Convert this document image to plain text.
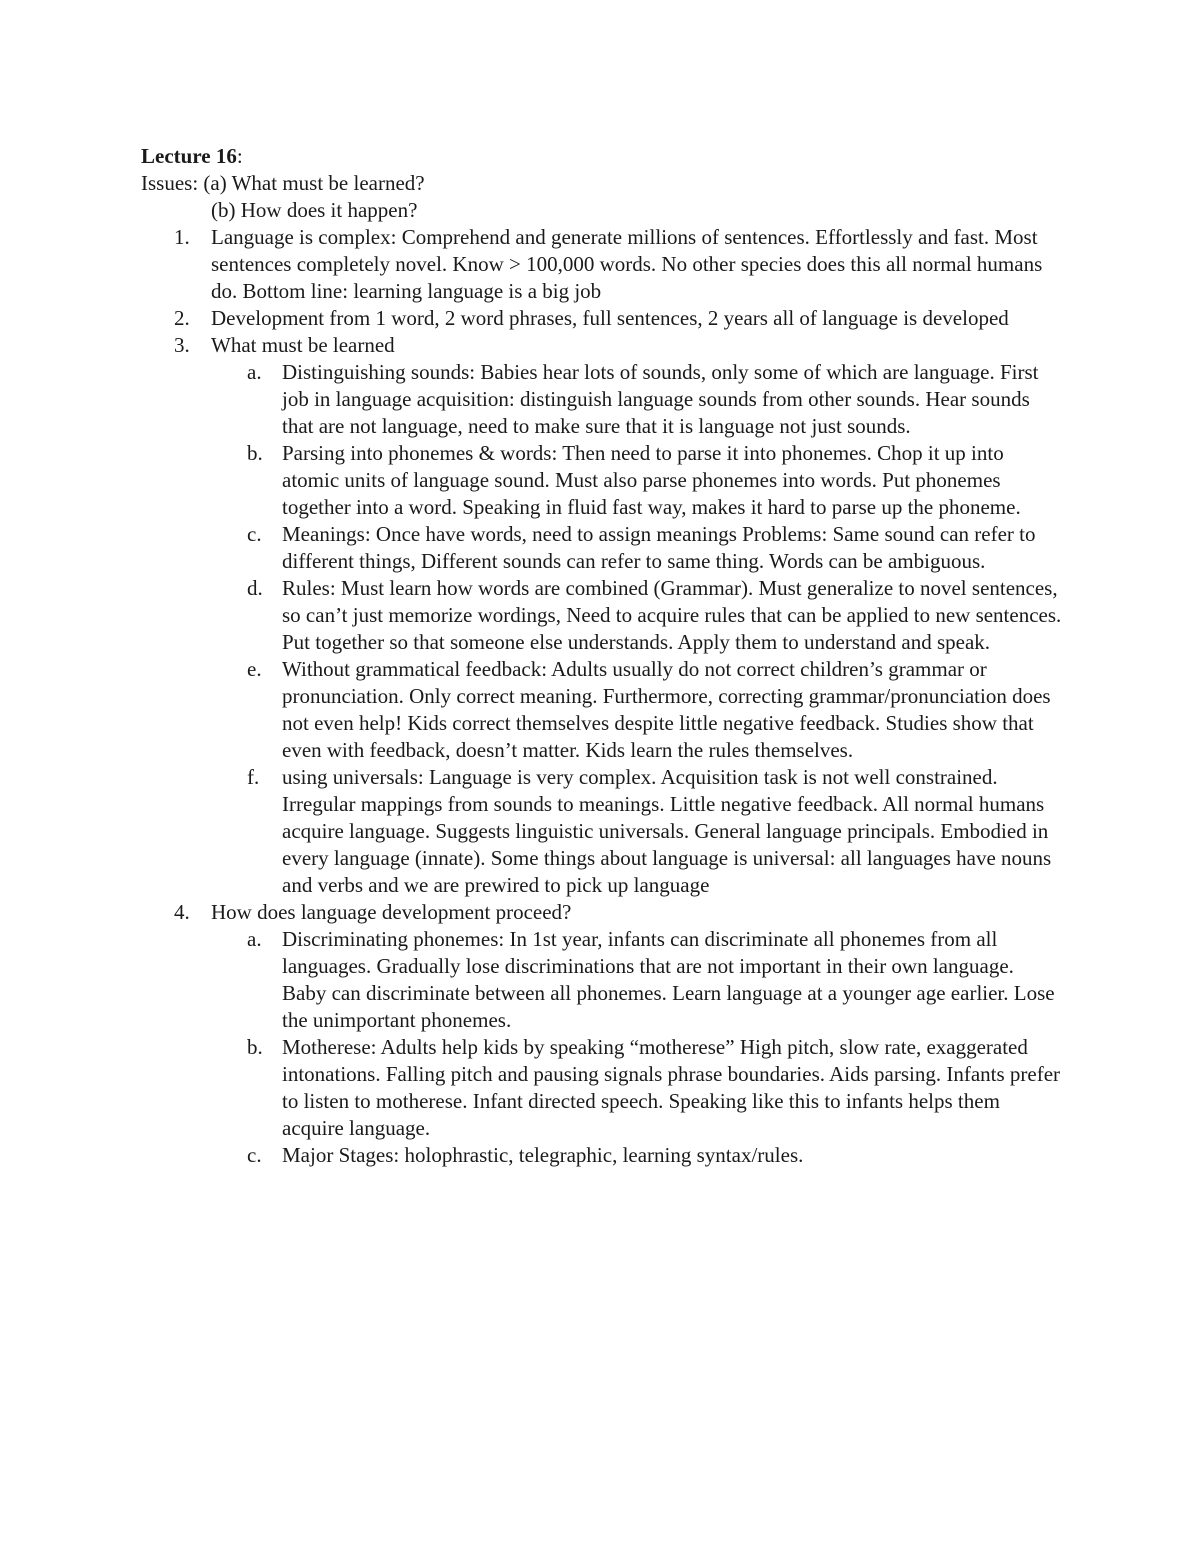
Lecture 16:
Issues: (a) What must be learned?
(b) How does it happen?
1.	Language is complex: Comprehend and generate millions of sentences. Effortlessly and fast. Most sentences completely novel. Know > 100,000 words. No other species does this all normal humans do. Bottom line: learning language is a big job
2.	Development from 1 word, 2 word phrases, full sentences, 2 years all of language is developed
3.	What must be learned
a. Distinguishing sounds: Babies hear lots of sounds, only some of which are language. First job in language acquisition: distinguish language sounds from other sounds. Hear sounds that are not language, need to make sure that it is language not just sounds.
b. Parsing into phonemes & words: Then need to parse it into phonemes. Chop it up into atomic units of language sound. Must also parse phonemes into words. Put phonemes together into a word. Speaking in fluid fast way, makes it hard to parse up the phoneme.
c. Meanings: Once have words, need to assign meanings Problems: Same sound can refer to different things, Different sounds can refer to same thing. Words can be ambiguous.
d. Rules: Must learn how words are combined (Grammar). Must generalize to novel sentences, so can’t just memorize wordings, Need to acquire rules that can be applied to new sentences. Put together so that someone else understands. Apply them to understand and speak.
e. Without grammatical feedback: Adults usually do not correct children’s grammar or pronunciation. Only correct meaning. Furthermore, correcting grammar/pronunciation does not even help! Kids correct themselves despite little negative feedback. Studies show that even with feedback, doesn’t matter. Kids learn the rules themselves.
f.	using universals: Language is very complex. Acquisition task is not well constrained. Irregular mappings from sounds to meanings. Little negative feedback. All normal humans acquire language. Suggests linguistic universals. General language principals. Embodied in every language (innate). Some things about language is universal: all languages have nouns and verbs and we are prewired to pick up language
4.	How does language development proceed?
a. Discriminating phonemes: In 1st year, infants can discriminate all phonemes from all languages. Gradually lose discriminations that are not important in their own language. Baby can discriminate between all phonemes. Learn language at a younger age earlier. Lose the unimportant phonemes.
b. Motherese: Adults help kids by speaking “motherese” High pitch, slow rate, exaggerated intonations. Falling pitch and pausing signals phrase boundaries. Aids parsing. Infants prefer to listen to motherese. Infant directed speech. Speaking like this to infants helps them acquire language.
c. Major Stages: holophrastic, telegraphic, learning syntax/rules.
